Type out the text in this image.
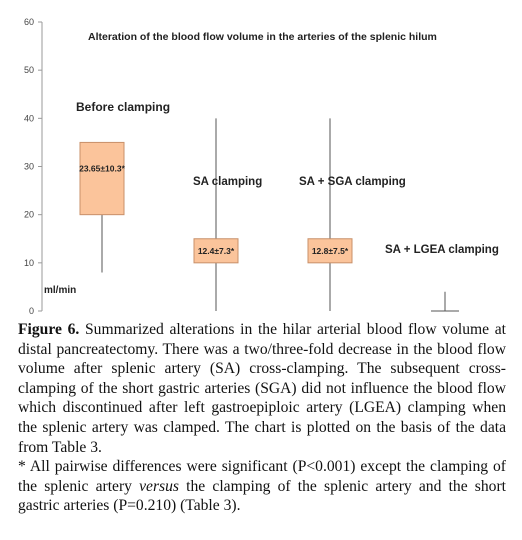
0
10
20
30
40
50
60
23.65±10.3*
12.4±7.3*	12.8±7.5*
Alteration of the blood flow volume in the arteries of the splenic hilum
Before clamping
SA clamping	SA + SGA clamping
SA + LGEA clamping
ml/min

Figure 6. Summarized alterations in the hilar arterial blood flow volume at distal pancreatectomy. There was a two/three-fold decrease in the blood flow volume after splenic artery (SA) cross-clamping. The subsequent cross-clamping of the short gastric arteries (SGA) did not influence the blood flow which discontinued after left gastroepiploic artery (LGEA) clamping when the splenic artery was clamped. The chart is plotted on the basis of the data from Table 3.

* All pairwise differences were significant (P<0.001) except the clamping of the splenic artery versus the clamping of the splenic artery and the short gastric arteries (P=0.210) (Table 3).
